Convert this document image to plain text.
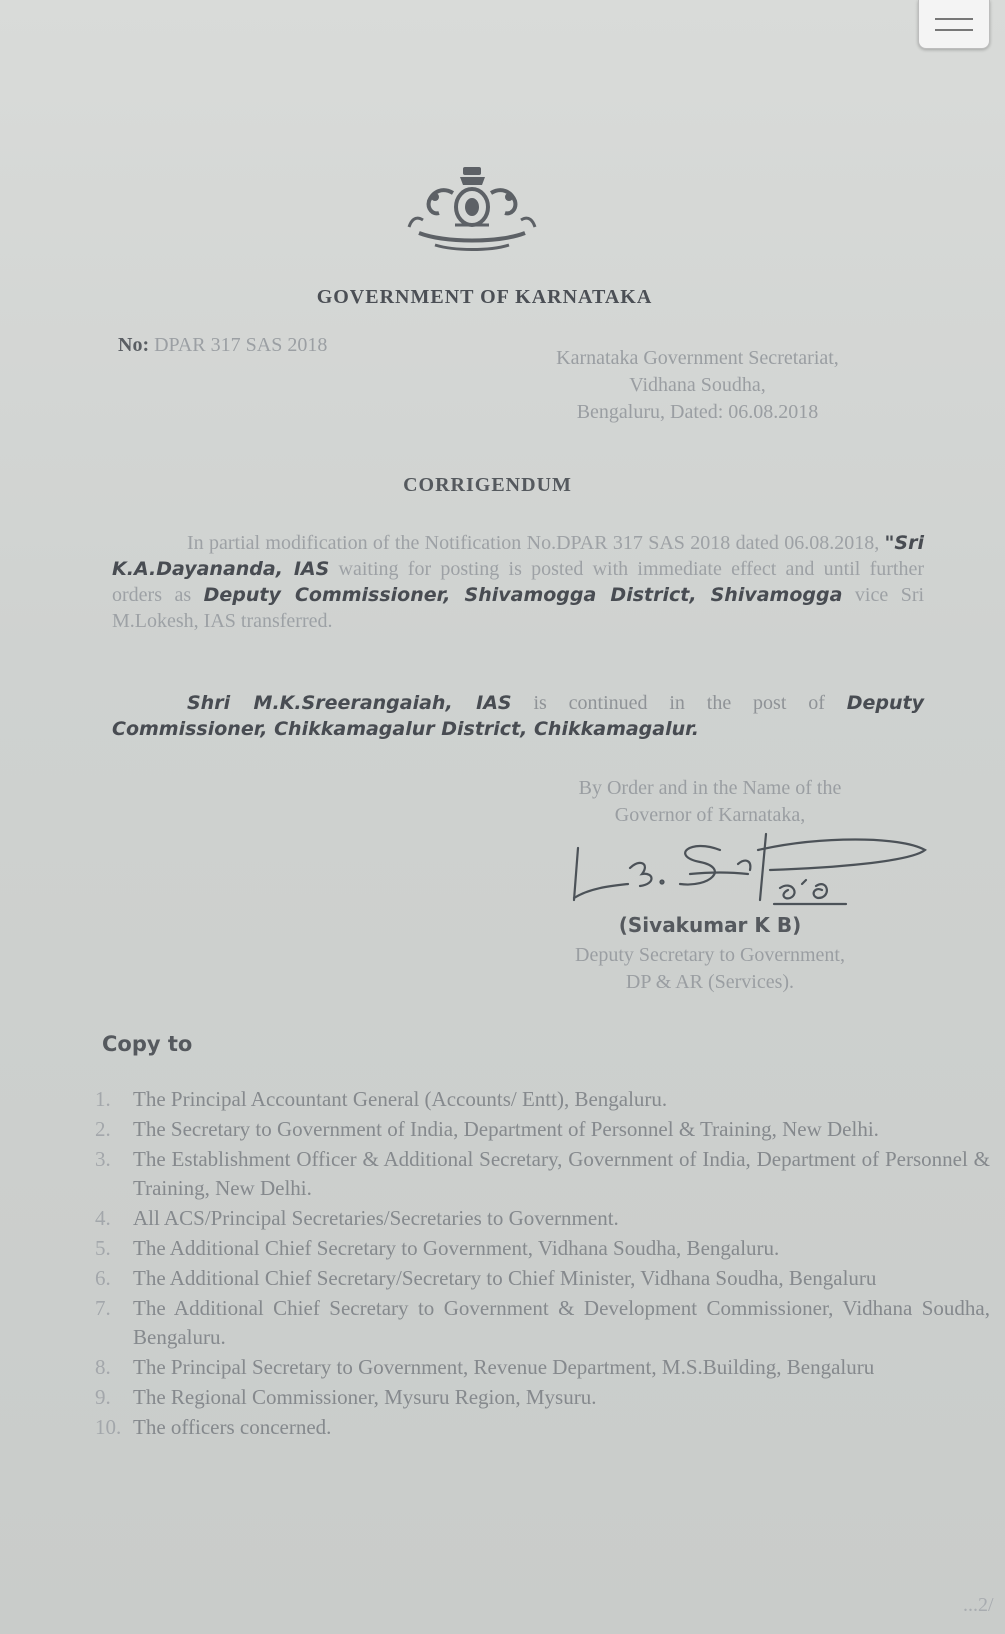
GOVERNMENT OF KARNATAKA
No: DPAR 317 SAS 2018
Karnataka Government Secretariat,
Vidhana Soudha,
Bengaluru, Dated: 06.08.2018
CORRIGENDUM
In partial modification of the Notification No.DPAR 317 SAS 2018 dated 06.08.2018, "Sri K.A.Dayananda, IAS waiting for posting is posted with immediate effect and until further orders as Deputy Commissioner, Shivamogga District, Shivamogga vice Sri M.Lokesh, IAS transferred.
Shri M.K.Sreerangaiah, IAS is continued in the post of Deputy Commissioner, Chikkamagalur District, Chikkamagalur.
By Order and in the Name of the
Governor of Karnataka,
(Sivakumar K B)
Deputy Secretary to Government,
DP & AR (Services).
Copy to
1.	The Principal Accountant General (Accounts/ Entt), Bengaluru.
2.	The Secretary to Government of India, Department of Personnel & Training, New Delhi.
3.	The Establishment Officer & Additional Secretary, Government of India, Department of Personnel & Training, New Delhi.
4.	All ACS/Principal Secretaries/Secretaries to Government.
5.	The Additional Chief Secretary to Government, Vidhana Soudha, Bengaluru.
6.	The Additional Chief Secretary/Secretary to Chief Minister, Vidhana Soudha, Bengaluru
7.	The Additional Chief Secretary to Government & Development Commissioner, Vidhana Soudha, Bengaluru.
8.	The Principal Secretary to Government, Revenue Department, M.S.Building, Bengaluru
9.	The Regional Commissioner, Mysuru Region, Mysuru.
10. The officers concerned.
...2/
